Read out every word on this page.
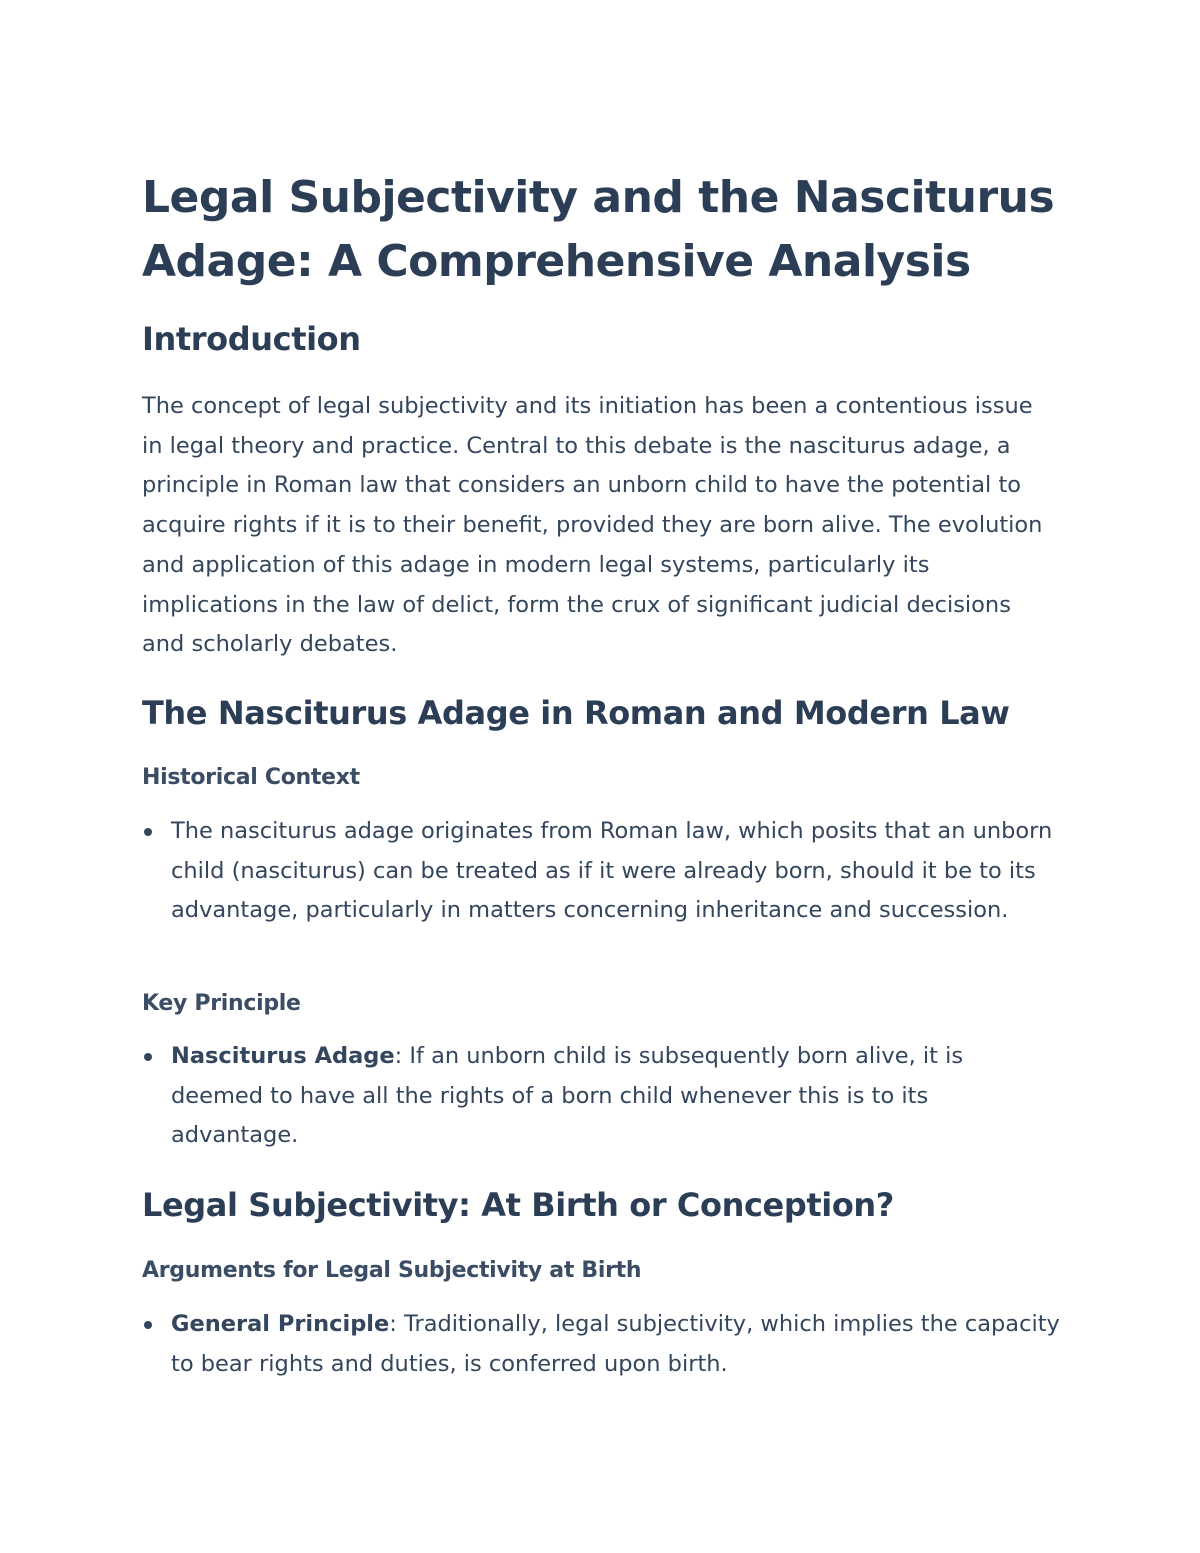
Legal Subjectivity and the Nasciturus Adage: A Comprehensive Analysis
Introduction

The concept of legal subjectivity and its initiation has been a contentious issue in legal theory and practice. Central to this debate is the nasciturus adage, a principle in Roman law that considers an unborn child to have the potential to acquire rights if it is to their benefit, provided they are born alive. The evolution and application of this adage in modern legal systems, particularly its implications in the law of delict, form the crux of significant judicial decisions and scholarly debates.

The Nasciturus Adage in Roman and Modern Law
Historical Context
The nasciturus adage originates from Roman law, which posits that an unborn child (nasciturus) can be treated as if it were already born, should it be to its advantage, particularly in matters concerning inheritance and succession.
Key Principle
Nasciturus Adage: If an unborn child is subsequently born alive, it is deemed to have all the rights of a born child whenever this is to its advantage.
Legal Subjectivity: At Birth or Conception?
Arguments for Legal Subjectivity at Birth
General Principle: Traditionally, legal subjectivity, which implies the capacity to bear rights and duties, is conferred upon birth.
